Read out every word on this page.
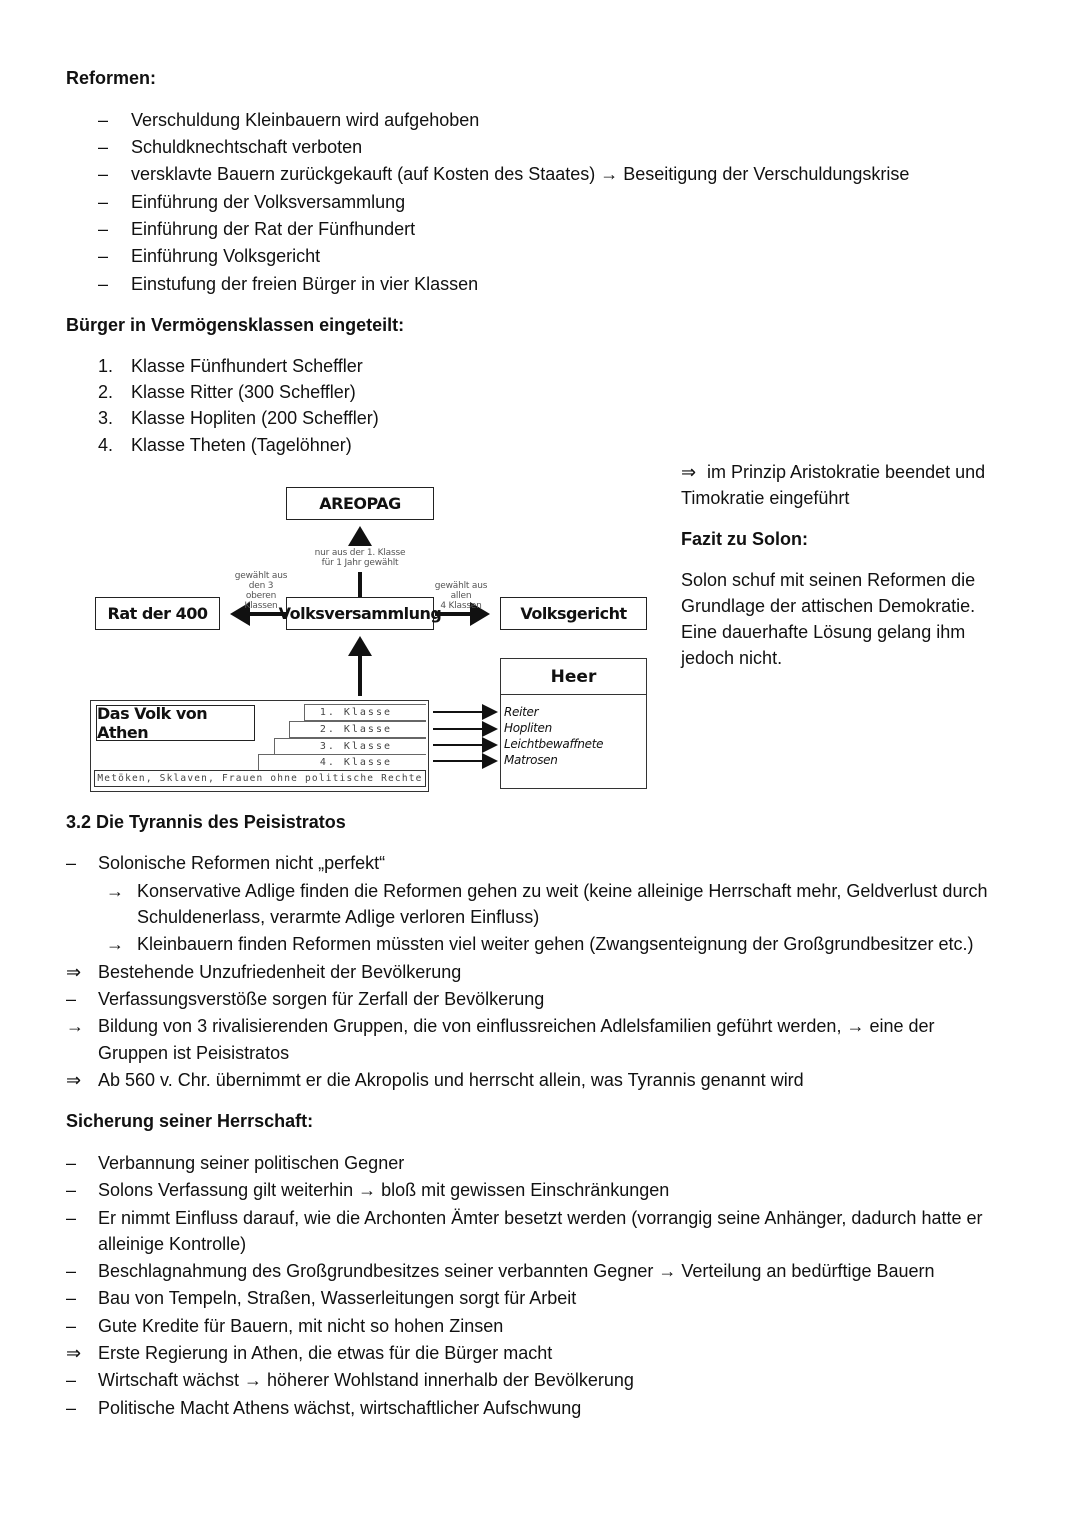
Reformen:
–	Verschuldung Kleinbauern wird aufgehoben
–	Schuldknechtschaft verboten
–	versklavte Bauern zurückgekauft (auf Kosten des Staates) → Beseitigung der Verschuldungskrise
–	Einführung der Volksversammlung
–	Einführung der Rat der Fünfhundert
–	Einführung Volksgericht
–	Einstufung der freien Bürger in vier Klassen
Bürger in Vermögensklassen eingeteilt:
1. Klasse Fünfhundert Scheffler
2. Klasse Ritter (300 Scheffler)
3. Klasse Hopliten (200 Scheffler)
4. Klasse Theten (Tagelöhner)
⇒ im Prinzip Aristokratie beendet und
Timokratie eingeführt
Fazit zu Solon:
Solon schuf mit seinen Reformen die
Grundlage der attischen Demokratie.
Eine dauerhafte Lösung gelang ihm
jedoch nicht.
AREOPAG
nur aus der 1. Klasse
für 1 Jahr gewählt
Rat der 400
gewählt aus
den 3
oberen
Klassen Volksversammlung
gewählt aus
allen
4 Klassen	Volksgericht
Das Volk von Athen
1. Klasse
2. Klasse
3. Klasse
4. Klasse
Metöken, Sklaven, Frauen ohne politische Rechte
Heer
Reiter
Hopliten
Leichtbewaffnete
Matrosen
3.2 Die Tyrannis des Peisistratos
–	Solonische Reformen nicht „perfekt“
→ Konservative Adlige finden die Reformen gehen zu weit (keine alleinige Herrschaft mehr, Geldverlust durch
Schuldenerlass, verarmte Adlige verloren Einfluss)
→ Kleinbauern finden Reformen müssten viel weiter gehen (Zwangsenteignung der Großgrundbesitzer etc.)
⇒ Bestehende Unzufriedenheit der Bevölkerung
–	Verfassungsverstöße sorgen für Zerfall der Bevölkerung
→ Bildung von 3 rivalisierenden Gruppen, die von einflussreichen Adlelsfamilien geführt werden, → eine der
Gruppen ist Peisistratos
⇒ Ab 560 v. Chr. übernimmt er die Akropolis und herrscht allein, was Tyrannis genannt wird
Sicherung seiner Herrschaft:
–	Verbannung seiner politischen Gegner
–	Solons Verfassung gilt weiterhin → bloß mit gewissen Einschränkungen
–	Er nimmt Einfluss darauf, wie die Archonten Ämter besetzt werden (vorrangig seine Anhänger, dadurch hatte er
alleinige Kontrolle)
–	Beschlagnahmung des Großgrundbesitzes seiner verbannten Gegner → Verteilung an bedürftige Bauern
–	Bau von Tempeln, Straßen, Wasserleitungen sorgt für Arbeit
–	Gute Kredite für Bauern, mit nicht so hohen Zinsen
⇒ Erste Regierung in Athen, die etwas für die Bürger macht
–	Wirtschaft wächst → höherer Wohlstand innerhalb der Bevölkerung
–	Politische Macht Athens wächst, wirtschaftlicher Aufschwung
